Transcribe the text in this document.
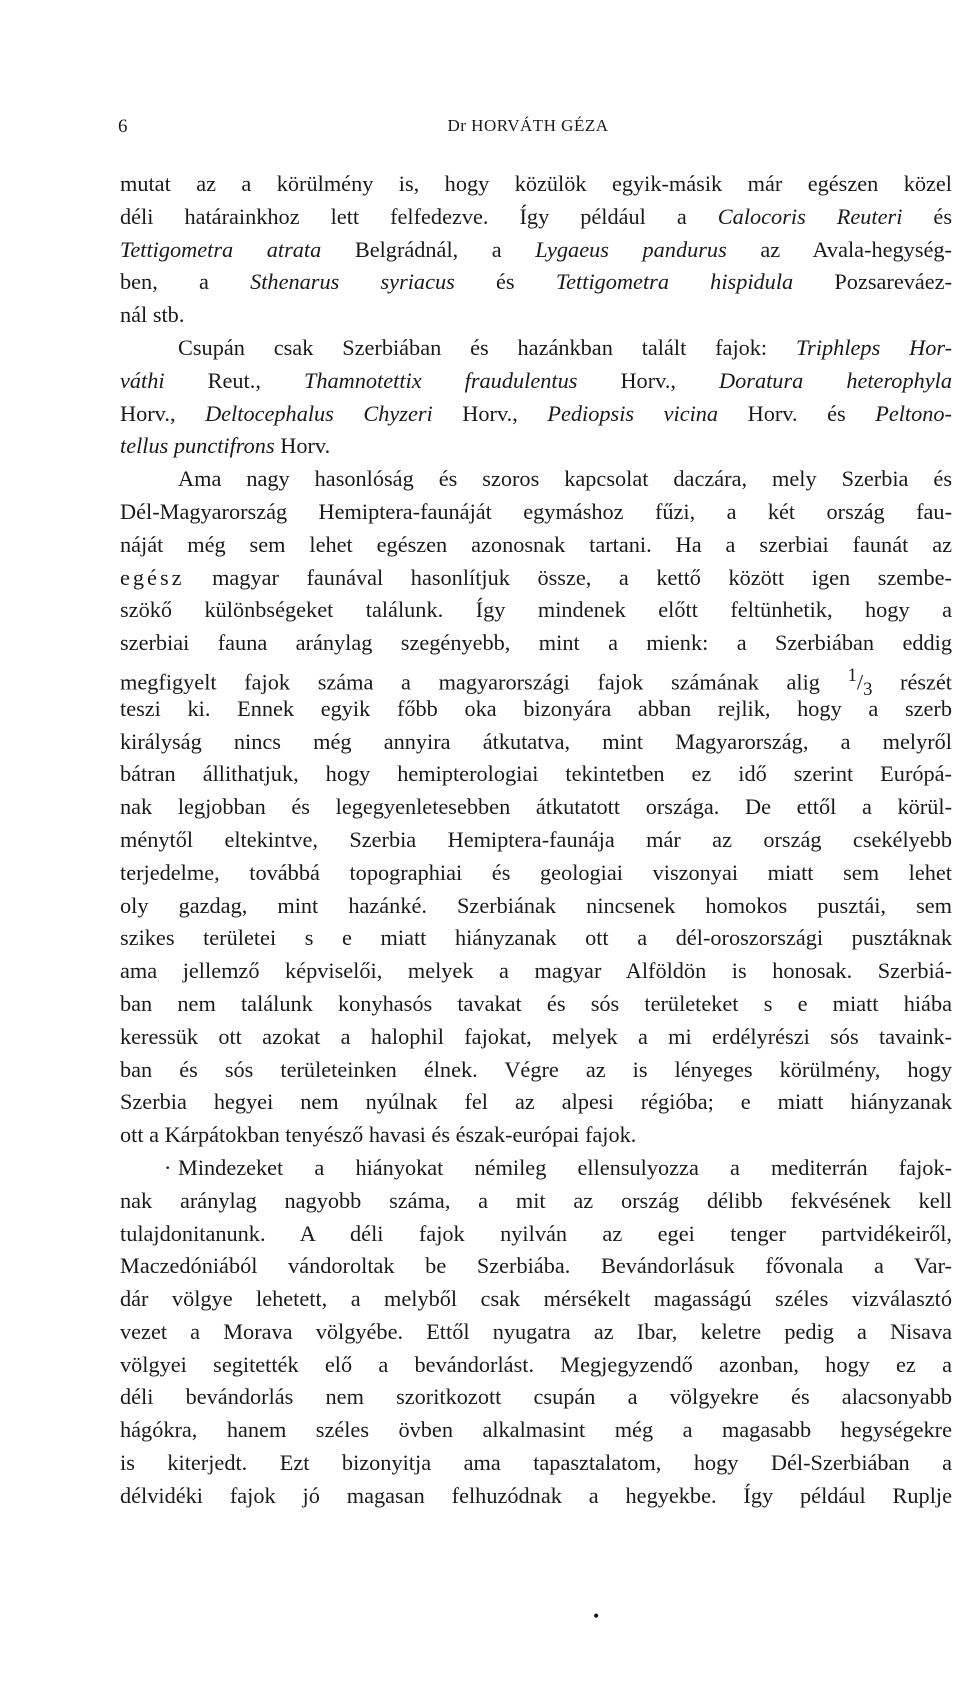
6	Dr HORVÁTH GÉZA
mutat az a körülmény is, hogy közülök egyik-másik már egészen közel
déli határainkhoz lett felfedezve. Így például a Calocoris Reuteri és
Tettigometra atrata Belgrádnál, a Lygaeus pandurus az Avala-hegység-
ben, a Sthenarus syriacus és Tettigometra hispidula Pozsareváez-
nál stb.
Csupán csak Szerbiában és hazánkban talált fajok: Triphleps Hor-
váthi Reut., Thamnotettix fraudulentus Horv., Doratura heterophyla
Horv., Deltocephalus Chyzeri Horv., Pediopsis vicina Horv. és Peltono-
tellus punctifrons Horv.
Ama nagy hasonlóság és szoros kapcsolat daczára, mely Szerbia és
Dél-Magyarország Hemiptera-faunáját egymáshoz fűzi, a két ország fau-
náját még sem lehet egészen azonosnak tartani. Ha a szerbiai faunát az
egész magyar faunával hasonlítjuk össze, a kettő között igen szembe-
szökő különbségeket találunk. Így mindenek előtt feltünhetik, hogy a
szerbiai fauna aránylag szegényebb, mint a mienk: a Szerbiában eddig
megfigyelt fajok száma a magyarországi fajok számának alig $^1/_3$ részét
teszi ki. Ennek egyik főbb oka bizonyára abban rejlik, hogy a szerb
királyság nincs még annyira átkutatva, mint Magyarország, a melyről
bátran állithatjuk, hogy hemipterologiai tekintetben ez idő szerint Európá-
nak legjobban és legegyenletesebben átkutatott országa. De ettől a körül-
ménytől eltekintve, Szerbia Hemiptera-faunája már az ország csekélyebb
terjedelme, továbbá topographiai és geologiai viszonyai miatt sem lehet
oly gazdag, mint hazánké. Szerbiának nincsenek homokos pusztái, sem
szikes területei s e miatt hiányzanak ott a dél-oroszországi pusztáknak
ama jellemző képviselői, melyek a magyar Alföldön is honosak. Szerbiá-
ban nem találunk konyhasós tavakat és sós területeket s e miatt hiába
keressük ott azokat a halophil fajokat, melyek a mi erdélyrészi sós tavaink-
ban és sós területeinken élnek. Végre az is lényeges körülmény, hogy
Szerbia hegyei nem nyúlnak fel az alpesi régióba; e miatt hiányzanak
ott a Kárpátokban tenyésző havasi és észak-európai fajok.
· Mindezeket a hiányokat némileg ellensulyozza a mediterrán fajok-
nak aránylag nagyobb száma, a mit az ország délibb fekvésének kell
tulajdonitanunk. A déli fajok nyilván az egei tenger partvidékeiről,
Maczedóniából vándoroltak be Szerbiába. Bevándorlásuk fővonala a Var-
dár völgye lehetett, a melyből csak mérsékelt magasságú széles vizválasztó
vezet a Morava völgyébe. Ettől nyugatra az Ibar, keletre pedig a Nisava
völgyei segitették elő a bevándorlást. Megjegyzendő azonban, hogy ez a
déli bevándorlás nem szoritkozott csupán a völgyekre és alacsonyabb
hágókra, hanem széles övben alkalmasint még a magasabb hegységekre
is kiterjedt. Ezt bizonyitja ama tapasztalatom, hogy Dél-Szerbiában a
délvidéki fajok jó magasan felhuzódnak a hegyekbe. Így például Ruplje
•
